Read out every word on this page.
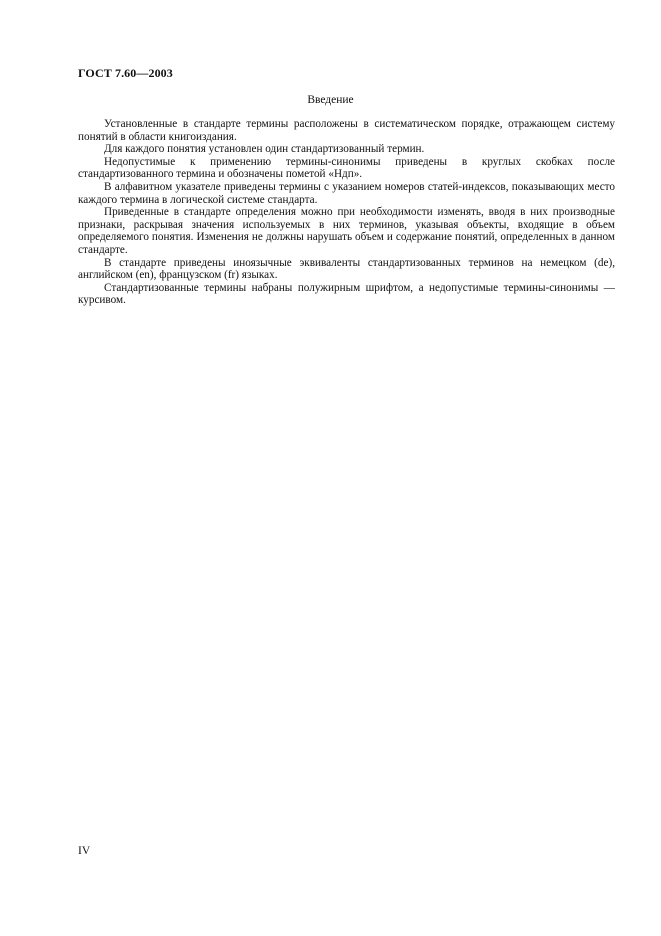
ГОСТ 7.60—2003
Введение

Установленные в стандарте термины расположены в систематическом порядке, отражающем систему понятий в области книгоиздания.

Для каждого понятия установлен один стандартизованный термин.

Недопустимые к применению термины-синонимы приведены в круглых скобках после стандартизованного термина и обозначены пометой «Ндп».

В алфавитном указателе приведены термины с указанием номеров статей-индексов, показывающих место каждого термина в логической системе стандарта.

Приведенные в стандарте определения можно при необходимости изменять, вводя в них производные признаки, раскрывая значения используемых в них терминов, указывая объекты, входящие в объем определяемого понятия. Изменения не должны нарушать объем и содержание понятий, определенных в данном стандарте.

В стандарте приведены иноязычные эквиваленты стандартизованных терминов на немецком (de), английском (en), французском (fr) языках.

Стандартизованные термины набраны полужирным шрифтом, а недопустимые термины-синонимы — курсивом.

IV
